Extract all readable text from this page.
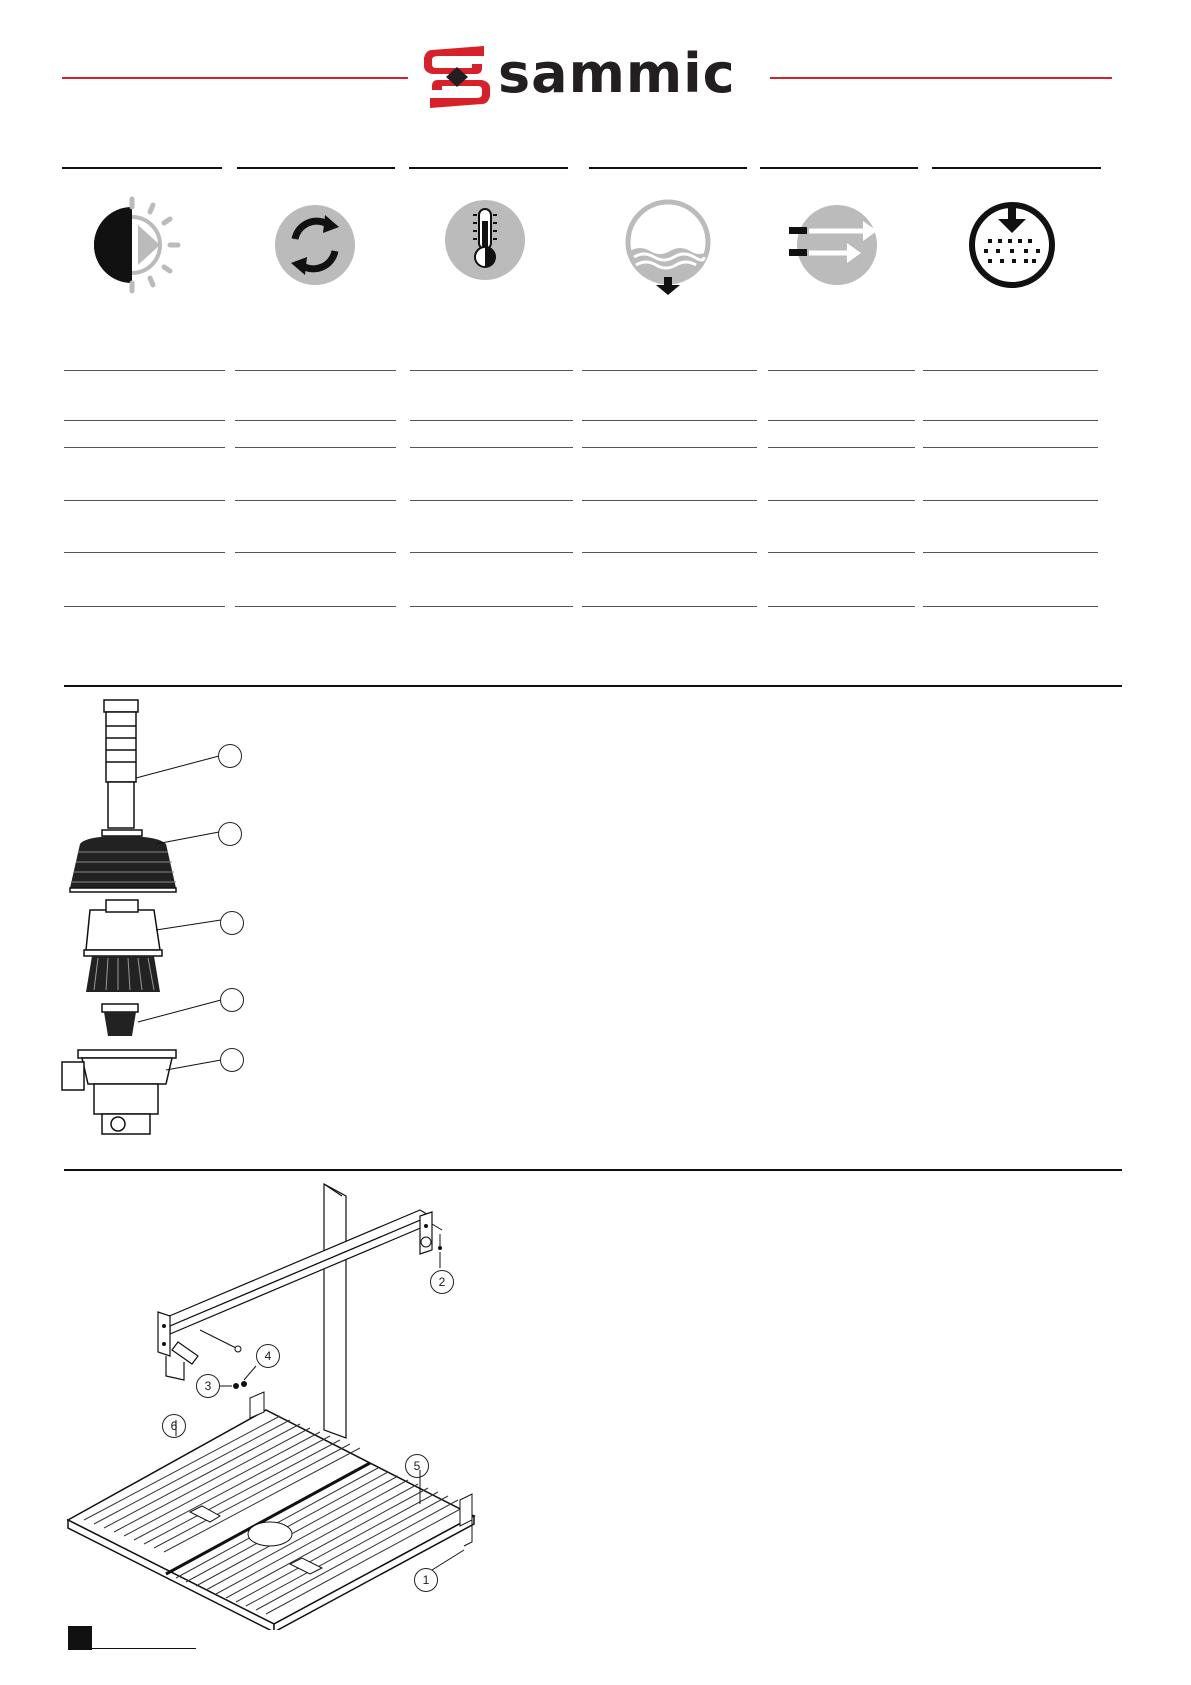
sammic
6
5
1
2
3
4
